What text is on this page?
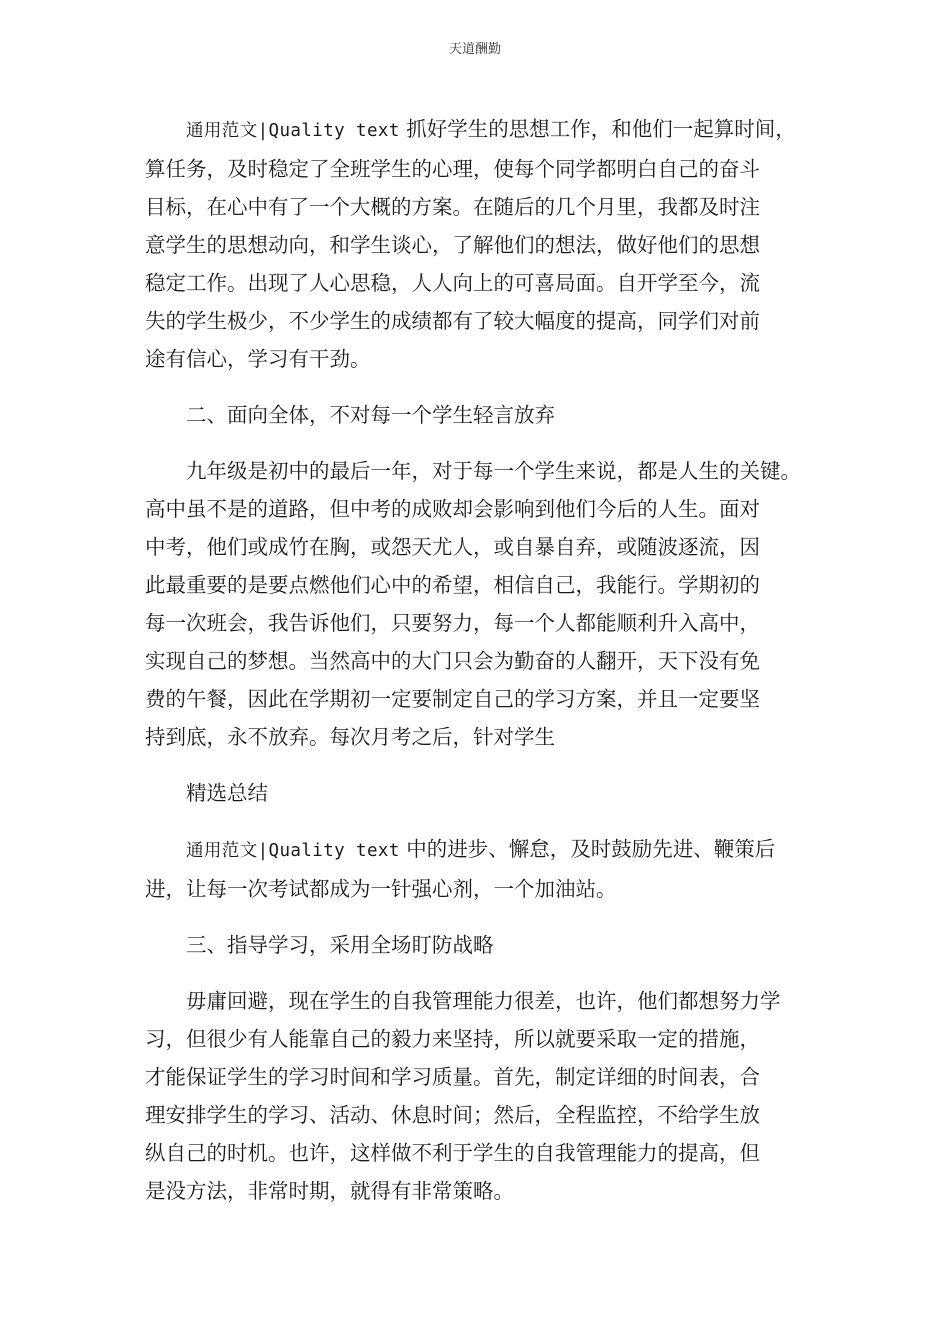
天道酬勤
通用范文|Quality text 抓好学生的思想工作，和他们一起算时间，
算任务，及时稳定了全班学生的心理，使每个同学都明白自己的奋斗
目标，在心中有了一个大概的方案。在随后的几个月里，我都及时注
意学生的思想动向，和学生谈心，了解他们的想法，做好他们的思想
稳定工作。出现了人心思稳，人人向上的可喜局面。自开学至今，流
失的学生极少，不少学生的成绩都有了较大幅度的提高，同学们对前
途有信心，学习有干劲。
二、面向全体，不对每一个学生轻言放弃
九年级是初中的最后一年，对于每一个学生来说，都是人生的关键。
高中虽不是的道路，但中考的成败却会影响到他们今后的人生。面对
中考，他们或成竹在胸，或怨天尤人，或自暴自弃，或随波逐流，因
此最重要的是要点燃他们心中的希望，相信自己，我能行。学期初的
每一次班会，我告诉他们，只要努力，每一个人都能顺利升入高中，
实现自己的梦想。当然高中的大门只会为勤奋的人翻开，天下没有免
费的午餐，因此在学期初一定要制定自己的学习方案，并且一定要坚
持到底，永不放弃。每次月考之后，针对学生
精选总结
通用范文|Quality text 中的进步、懈怠，及时鼓励先进、鞭策后
进，让每一次考试都成为一针强心剂，一个加油站。
三、指导学习，采用全场盯防战略
毋庸回避，现在学生的自我管理能力很差，也许，他们都想努力学
习，但很少有人能靠自己的毅力来坚持，所以就要采取一定的措施，
才能保证学生的学习时间和学习质量。首先，制定详细的时间表，合
理安排学生的学习、活动、休息时间；然后，全程监控，不给学生放
纵自己的时机。也许，这样做不利于学生的自我管理能力的提高，但
是没方法，非常时期，就得有非常策略。
